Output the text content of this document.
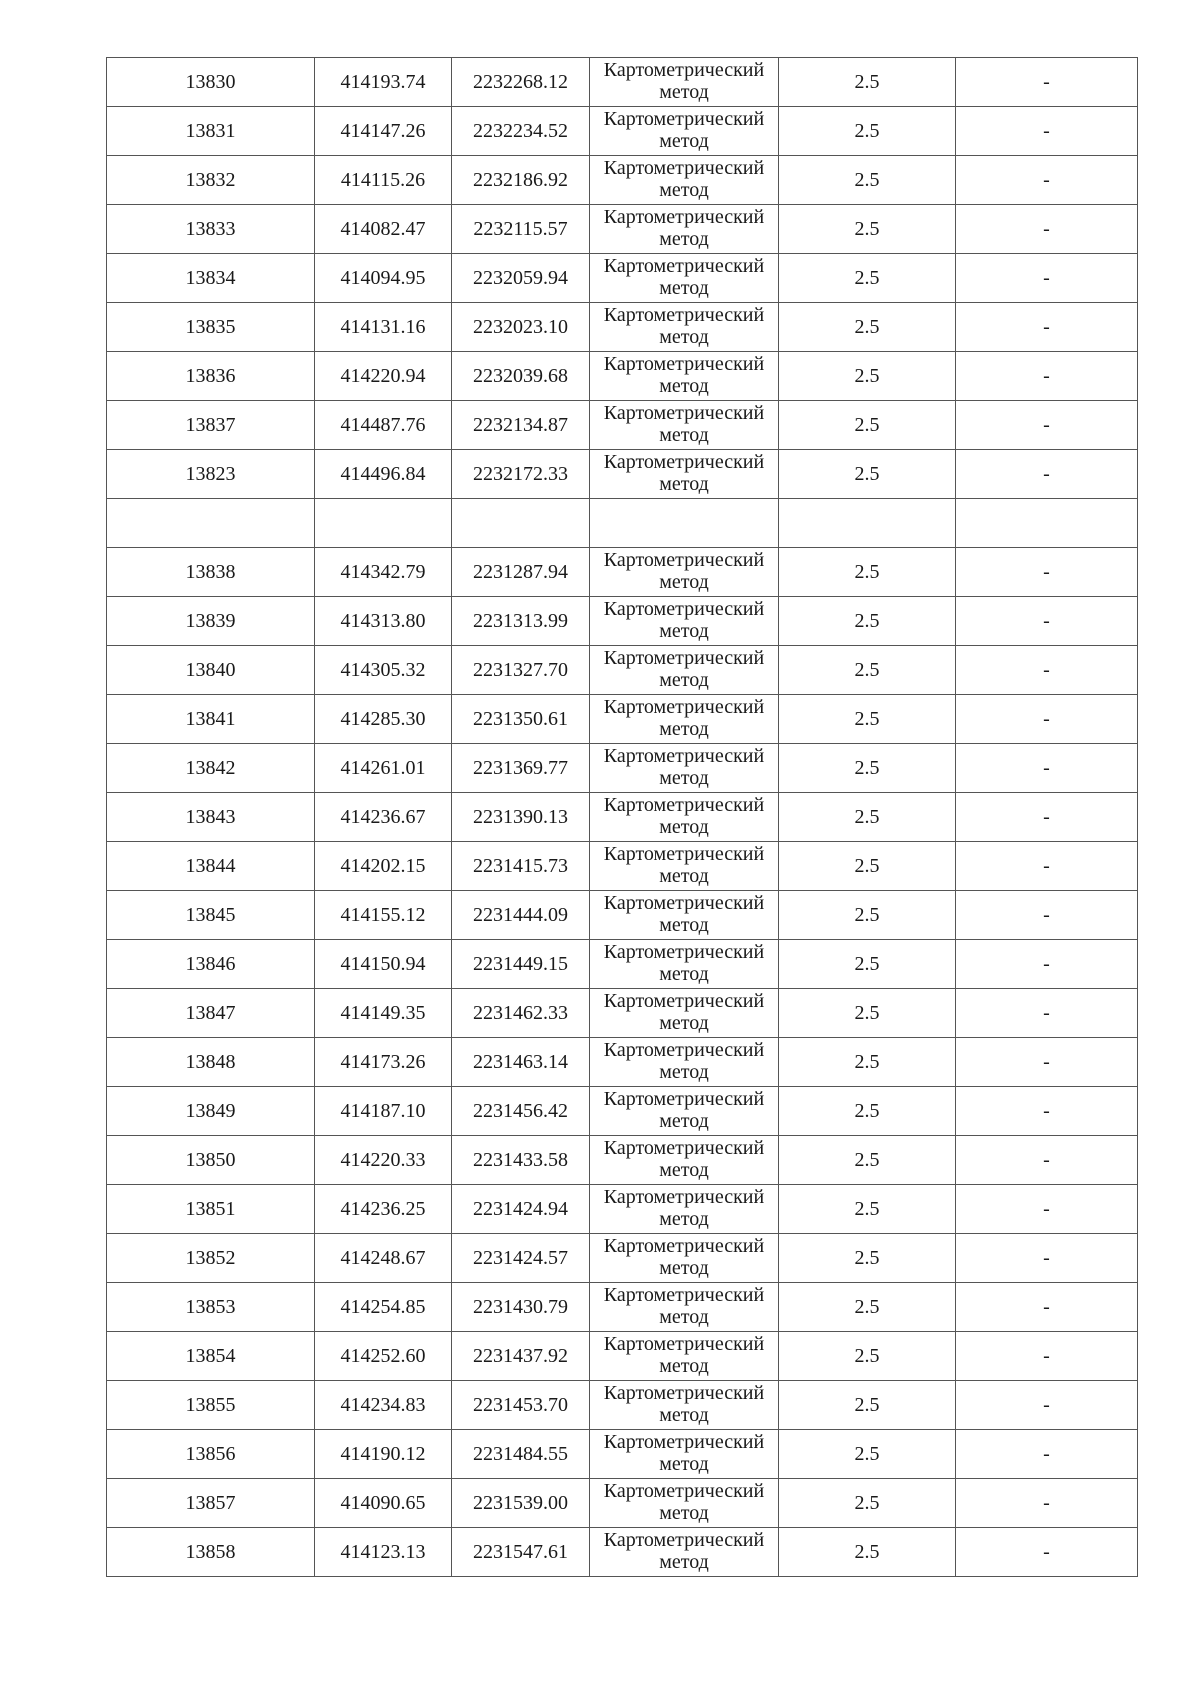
13830	414193.74	2232268.12	Картометрический
метод	2.5	-
13831	414147.26	2232234.52	Картометрический
метод	2.5	-
13832	414115.26	2232186.92	Картометрический
метод	2.5	-
13833	414082.47	2232115.57	Картометрический
метод	2.5	-
13834	414094.95	2232059.94	Картометрический
метод	2.5	-
13835	414131.16	2232023.10	Картометрический
метод	2.5	-
13836	414220.94	2232039.68	Картометрический
метод	2.5	-
13837	414487.76	2232134.87	Картометрический
метод	2.5	-
13823	414496.84	2232172.33	Картометрический
метод	2.5	-

13838	414342.79	2231287.94	Картометрический
метод	2.5	-
13839	414313.80	2231313.99	Картометрический
метод	2.5	-
13840	414305.32	2231327.70	Картометрический
метод	2.5	-
13841	414285.30	2231350.61	Картометрический
метод	2.5	-
13842	414261.01	2231369.77	Картометрический
метод	2.5	-
13843	414236.67	2231390.13	Картометрический
метод	2.5	-
13844	414202.15	2231415.73	Картометрический
метод	2.5	-
13845	414155.12	2231444.09	Картометрический
метод	2.5	-
13846	414150.94	2231449.15	Картометрический
метод	2.5	-
13847	414149.35	2231462.33	Картометрический
метод	2.5	-
13848	414173.26	2231463.14	Картометрический
метод	2.5	-
13849	414187.10	2231456.42	Картометрический
метод	2.5	-
13850	414220.33	2231433.58	Картометрический
метод	2.5	-
13851	414236.25	2231424.94	Картометрический
метод	2.5	-
13852	414248.67	2231424.57	Картометрический
метод	2.5	-
13853	414254.85	2231430.79	Картометрический
метод	2.5	-
13854	414252.60	2231437.92	Картометрический
метод	2.5	-
13855	414234.83	2231453.70	Картометрический
метод	2.5	-
13856	414190.12	2231484.55	Картометрический
метод	2.5	-
13857	414090.65	2231539.00	Картометрический
метод	2.5	-
13858	414123.13	2231547.61	Картометрический
метод	2.5	-
